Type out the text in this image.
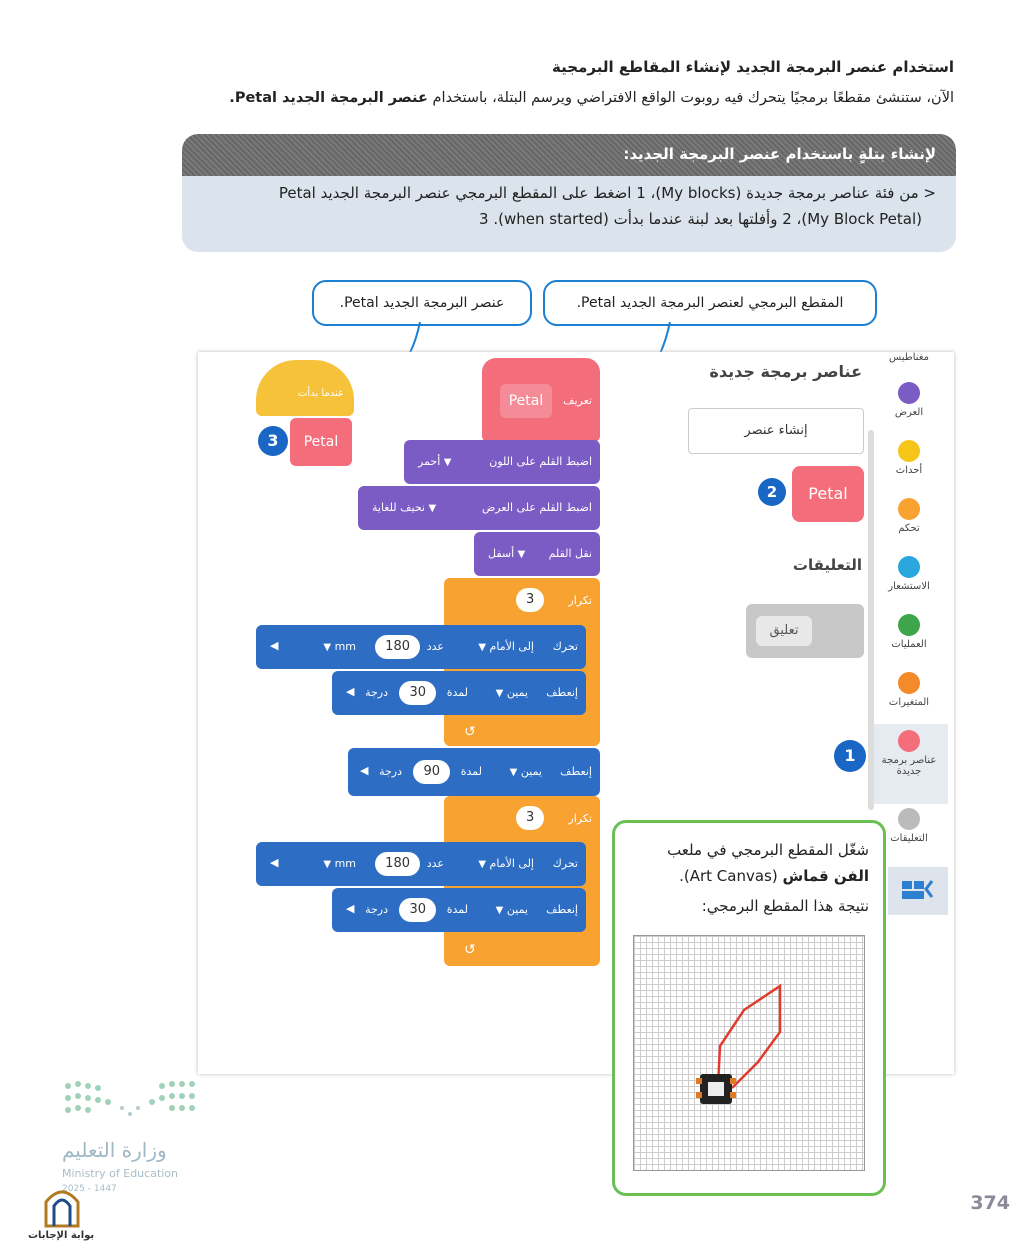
استخدام عنصر البرمجة الجديد لإنشاء المقاطع البرمجية
الآن، ستنشئ مقطعًا برمجيًا يتحرك فيه روبوت الواقع الافتراضي ويرسم البتلة، باستخدام عنصر البرمجة الجديد Petal.
لإنشاء بتلةٍ باستخدام عنصر البرمجة الجديد:
< من فئة عناصر برمجة جديدة (My blocks)، 1 اضغط على المقطع البرمجي عنصر البرمجة الجديد Petal
(My Block Petal)، 2 وأفلتها بعد لبنة عندما بدأت (when started). 3
عنصر البرمجة الجديد Petal.	المقطع البرمجي لعنصر البرمجة الجديد Petal.
مغناطيس
العرض
أحداث
تحكم
الاستشعار
العمليات
المتغيرات
عناصر برمجة جديدة
التعليقات
عناصر برمجة جديدة
إنشاء عنصر
Petal
2
التعليقات
تعليق
1
عندما بدأت
Petal
3
تعريف
Petal
اضبط القلم على اللون
▼ أحمر
اضبط القلم على العرض
▼ نحيف للغاية
نقل القلم
▼ أسفل
تكرار
3
↺
تحرك
إلى الأمام ▼
عدد
180
mm ▼
◀
إنعطف
يمين ▼
لمدة
30
درجة
◀
إنعطف
يمين ▼
لمدة
90
درجة
◀
تكرار
3
↺
تحرك
إلى الأمام ▼
عدد
180
mm ▼
◀
إنعطف
يمين ▼
لمدة
30
درجة
◀
شغّل المقطع البرمجي في ملعب
الفن قماش (Art Canvas).
نتيجة هذا المقطع البرمجي:
وزارة التعليم
Ministry of Education
2025 - 1447
بوابة الإجابات
374
